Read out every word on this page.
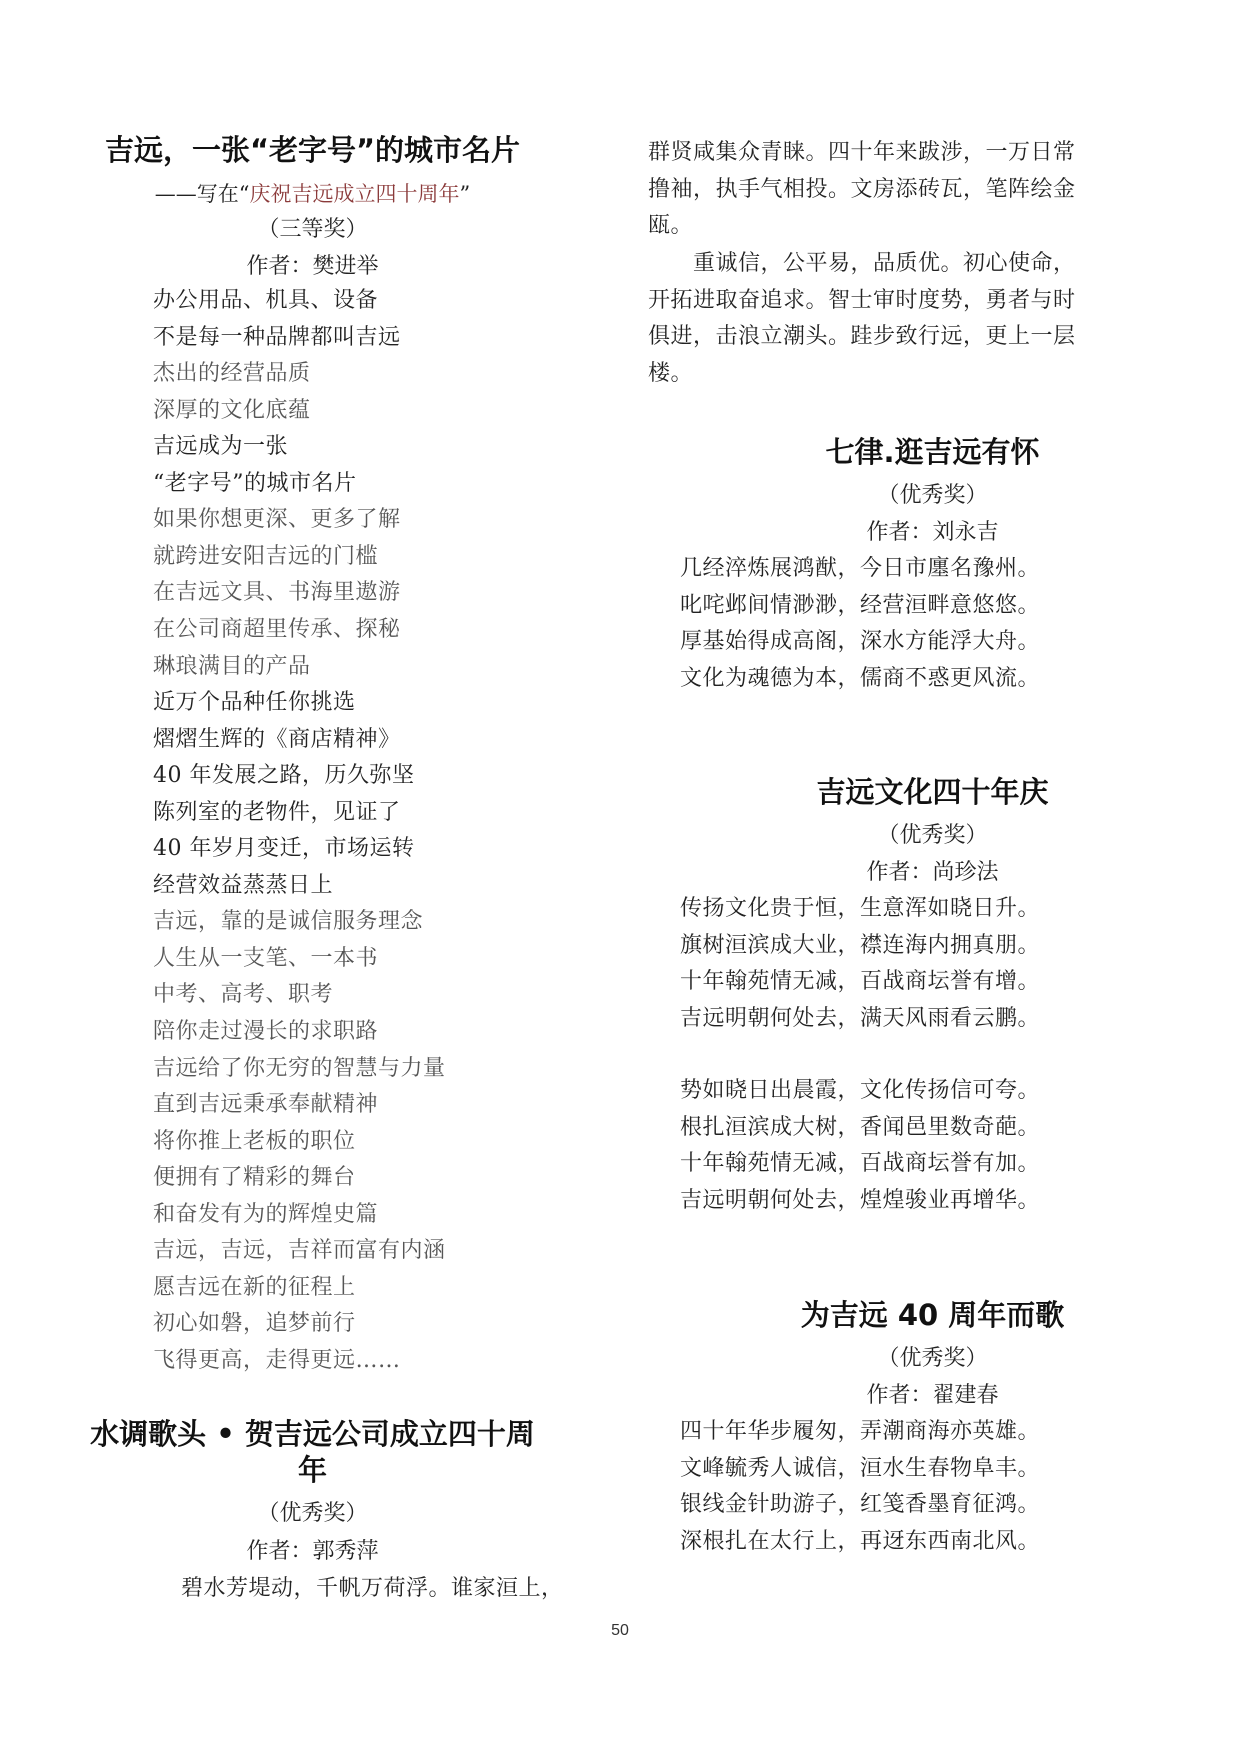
吉远，一张“老字号”的城市名片
——写在“庆祝吉远成立四十周年”
（三等奖）
作者：樊进举
办公用品、机具、设备
不是每一种品牌都叫吉远
杰出的经营品质
深厚的文化底蕴
吉远成为一张
“老字号”的城市名片
如果你想更深、更多了解
就跨进安阳吉远的门槛
在吉远文具、书海里遨游
在公司商超里传承、探秘
琳琅满目的产品
近万个品种任你挑选
熠熠生辉的《商店精神》
40 年发展之路，历久弥坚
陈列室的老物件，见证了
40 年岁月变迁，市场运转
经营效益蒸蒸日上
吉远，靠的是诚信服务理念
人生从一支笔、一本书
中考、高考、职考
陪你走过漫长的求职路
吉远给了你无穷的智慧与力量
直到吉远秉承奉献精神
将你推上老板的职位
便拥有了精彩的舞台
和奋发有为的辉煌史篇
吉远，吉远，吉祥而富有内涵
愿吉远在新的征程上
初心如磐，追梦前行
飞得更高，走得更远……
水调歌头 • 贺吉远公司成立四十周
年
（优秀奖）
作者：郭秀萍
碧水芳堤动，千帆万荷浮。谁家洹上，
群贤咸集众青睐。四十年来跋涉，一万日常
撸袖，执手气相投。文房添砖瓦，笔阵绘金
瓯。
　　重诚信，公平易，品质优。初心使命，
开拓进取奋追求。智士审时度势，勇者与时
俱进，击浪立潮头。跬步致行远，更上一层
楼。
七律.逛吉远有怀
（优秀奖）
作者：刘永吉
几经淬炼展鸿猷，今日市廛名豫州。
叱咤邺间情渺渺，经营洹畔意悠悠。
厚基始得成高阁，深水方能浮大舟。
文化为魂德为本，儒商不惑更风流。
吉远文化四十年庆
（优秀奖）
作者：尚珍法
传扬文化贵于恒，生意浑如晓日升。
旗树洹滨成大业，襟连海内拥真朋。
十年翰苑情无减，百战商坛誉有增。
吉远明朝何处去，满天风雨看云鹏。
势如晓日出晨霞，文化传扬信可夸。
根扎洹滨成大树，香闻邑里数奇葩。
十年翰苑情无减，百战商坛誉有加。
吉远明朝何处去，煌煌骏业再增华。
为吉远 40 周年而歌
（优秀奖）
作者：翟建春
四十年华步履匆，弄潮商海亦英雄。
文峰毓秀人诚信，洹水生春物阜丰。
银线金针助游子，红笺香墨育征鸿。
深根扎在太行上，再迓东西南北风。
50
